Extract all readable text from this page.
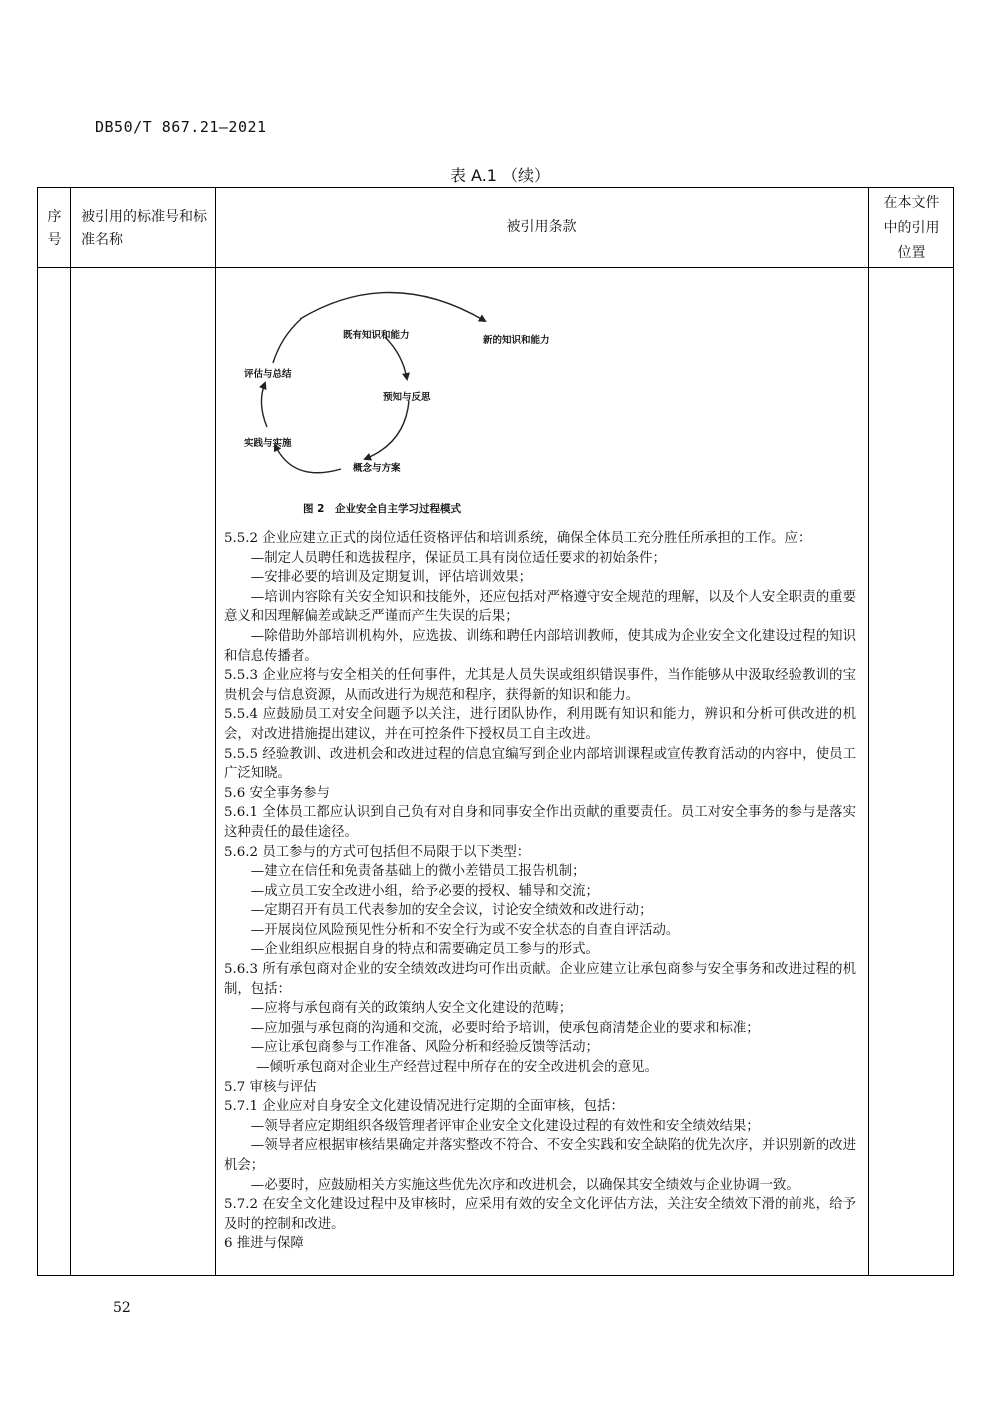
DB50/T 867.21—2021
表 A.1 （续）
序号
被引用的标准号和标准名称
被引用条款
在本文件中的引用位置
既有知识和能力	新的知识和能力
评估与总结
预知与反思
实践与实施
概念与方案
图 2　企业安全自主学习过程模式

5.5.2 企业应建立正式的岗位适任资格评估和培训系统，确保全体员工充分胜任所承担的工作。应：

—制定人员聘任和选拔程序，保证员工具有岗位适任要求的初始条件；

—安排必要的培训及定期复训，评估培训效果；

—培训内容除有关安全知识和技能外，还应包括对严格遵守安全规范的理解，以及个人安全职责的重要意义和因理解偏差或缺乏严谨而产生失误的后果；

—除借助外部培训机构外，应选拔、训练和聘任内部培训教师，使其成为企业安全文化建设过程的知识和信息传播者。

5.5.3 企业应将与安全相关的任何事件，尤其是人员失误或组织错误事件，当作能够从中汲取经验教训的宝贵机会与信息资源，从而改进行为规范和程序，获得新的知识和能力。

5.5.4 应鼓励员工对安全问题予以关注，进行团队协作，利用既有知识和能力，辨识和分析可供改进的机会，对改进措施提出建议，并在可控条件下授权员工自主改进。

5.5.5 经验教训、改进机会和改进过程的信息宜编写到企业内部培训课程或宣传教育活动的内容中，使员工广泛知晓。

5.6 安全事务参与

5.6.1 全体员工都应认识到自己负有对自身和同事安全作出贡献的重要责任。员工对安全事务的参与是落实这种责任的最佳途径。

5.6.2 员工参与的方式可包括但不局限于以下类型：

—建立在信任和免责备基础上的微小差错员工报告机制；

—成立员工安全改进小组，给予必要的授权、辅导和交流；

—定期召开有员工代表参加的安全会议，讨论安全绩效和改进行动；

—开展岗位风险预见性分析和不安全行为或不安全状态的自查自评活动。

—企业组织应根据自身的特点和需要确定员工参与的形式。

5.6.3 所有承包商对企业的安全绩效改进均可作出贡献。企业应建立让承包商参与安全事务和改进过程的机制，包括：

—应将与承包商有关的政策纳人安全文化建设的范畴；

—应加强与承包商的沟通和交流，必要时给予培训，使承包商清楚企业的要求和标准；

—应让承包商参与工作准备、风险分析和经验反馈等活动；

—倾听承包商对企业生产经营过程中所存在的安全改进机会的意见。

5.7 审核与评估

5.7.1 企业应对自身安全文化建设情况进行定期的全面审核，包括：

—领导者应定期组织各级管理者评审企业安全文化建设过程的有效性和安全绩效结果；

—领导者应根据审核结果确定并落实整改不符合、不安全实践和安全缺陷的优先次序，并识别新的改进机会；

—必要时，应鼓励相关方实施这些优先次序和改进机会，以确保其安全绩效与企业协调一致。

5.7.2 在安全文化建设过程中及审核时，应采用有效的安全文化评估方法，关注安全绩效下滑的前兆，给予及时的控制和改进。

6 推进与保障

52
